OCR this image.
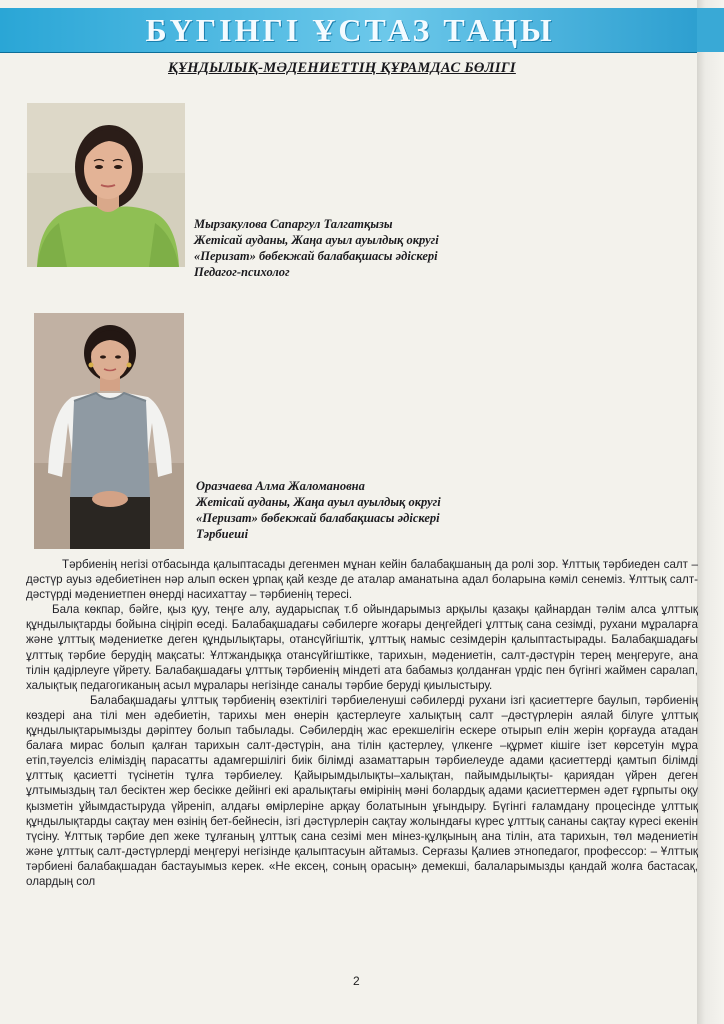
БҮГІНГІ ҰСТАЗ ТАҢЫ
ҚҰНДЫЛЫҚ-МӘДЕНИЕТТІҢ ҚҰРАМДАС БӨЛІГІ
Мырзакулова Сапаргул Талгатқызы
Жетісай ауданы, Жаңа ауыл ауылдық округі
«Перизат» бөбекжай балабақшасы әдіскері
Педагог-психолог
Оразчаева Алма Жаломановна
Жетісай ауданы, Жаңа ауыл ауылдық округі
«Перизат» бөбекжай балабақшасы әдіскері
Тәрбиеші

Тәрбиенің негізі отбасында қалыптасады дегенмен мұнан кейін балабақшаның да ролі зор. Ұлттық тәрбиеден салт –дәстүр ауыз әдебиетінен нәр алып өскен ұрпақ қай кезде де аталар аманатына адал боларына кәміл сенеміз. Ұлттық салт-дәстүрді мәдениетпен өнерді насихаттау – тәрбиенің тересі.

Бала көкпар, бәйге, қыз қуу, теңге алу, аударыспақ т.б ойындарымыз арқылы қазақы қайнардан тәлім алса ұлттық құндылықтарды бойына сіңіріп өседі. Балабақшадағы сәбилерге жоғары деңгейдегі ұлттық сана сезімді, рухани мұраларға және ұлттық мәдениетке деген құндылықтары, отансүйгіштік, ұлттық намыс сезімдерін қалыптастырады. Балабақшадағы ұлттық тәрбие берудің мақсаты: Ұлтжандыққа отансүйгіштікке, тарихын, мәдениетін, салт-дәстүрін терең меңгеруге, ана тілін қадірлеуге үйрету. Балабақшадағы ұлттық тәрбиенің міндеті ата бабамыз қолданған үрдіс пен бүгінгі жаймен саралап, халықтық педагогиканың асыл мұралары негізінде саналы тәрбие беруді қиылыстыру.

Балабақшадағы ұлттық тәрбиенің өзектілігі тәрбиеленуші сәбилерді рухани ізгі қасиеттерге баулып, тәрбиенің көздері ана тілі мен әдебиетін, тарихы мен өнерін қастерлеуге халықтың салт –дәстүрлерін аялай білуге ұлттық құндылықтарымызды дәріптеу болып табылады. Сәбилердің жас ерекшелігін ескере отырып елін жерін қорғауда атадан балаға мирас болып қалған тарихын салт-дәстүрін, ана тілін қастерлеу, үлкенге –құрмет кішіге ізет көрсетуін мұра етіп,тәуелсіз еліміздің парасатты адамгершілігі биік білімді азаматтарын тәрбиелеуде адами қасиеттерді қамтып білімді ұлттық қасиетті түсінетін тұлға тәрбиелеу. Қайырымдылықты–халықтан, пайымдылықты- қариядан үйрен деген ұлтымыздың тал бесіктен жер бесікке дейінгі екі аралықтағы өмірінің мәні болардық адами қасиеттермен әдет ғұрпыты оқу қызметін ұйымдастыруда үйреніп, алдағы өмірлеріне арқау болатынын ұғындыру. Бүгінгі ғаламдану процесінде ұлттық құндылықтарды сақтау мен өзінің бет-бейнесін, ізгі дәстүрлерін сақтау жолындағы күрес ұлттық сананы сақтау күресі екенін түсіну. Ұлттық тәрбие деп жеке тұлғаның ұлттық сана сезімі мен мінез-құлқының ана тілін, ата тарихын, төл мәдениетін және ұлттық салт-дәстүрлерді меңгеруі негізінде қалыптасуын айтамыз. Серғазы Қалиев этнопедагог, профессор: – Ұлттық тәрбиені балабақшадан бастауымыз керек. «Не ексең, соның орасың» демекші, балаларымызды қандай жолға бастасақ, олардың сол

2
